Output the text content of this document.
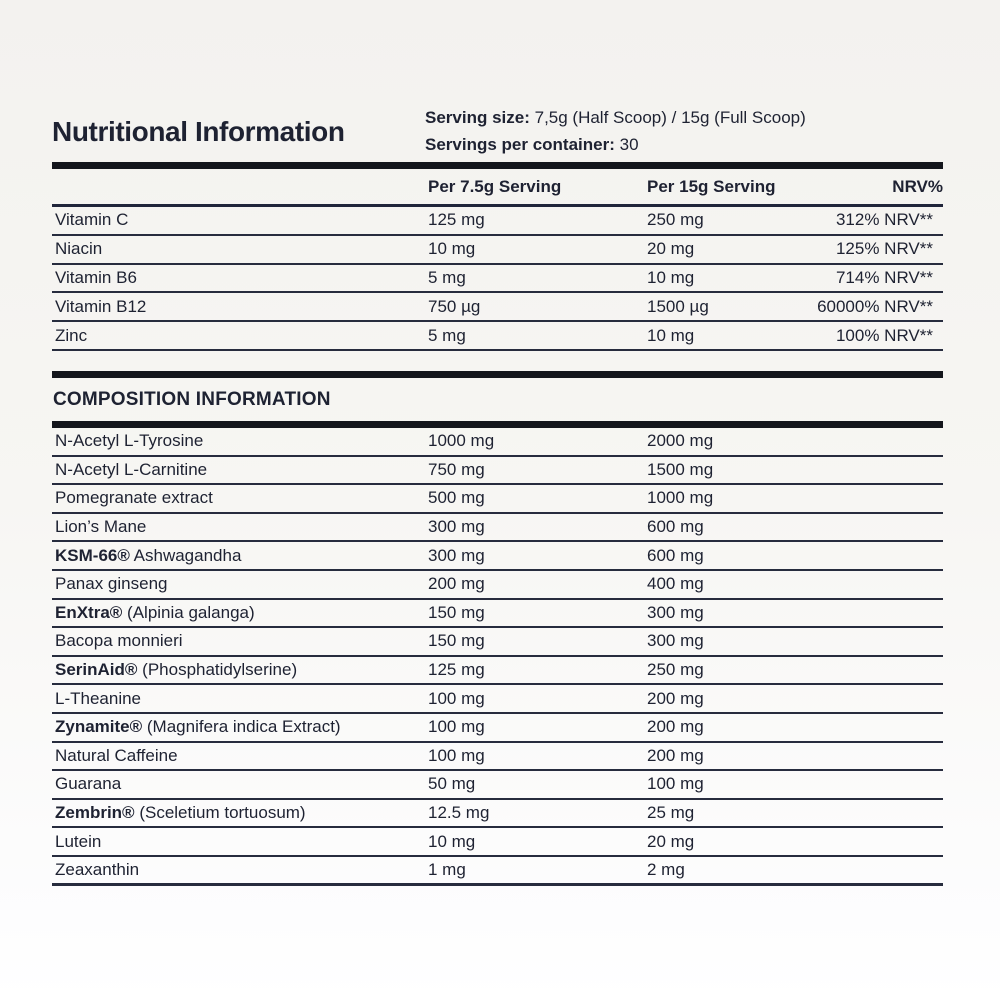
Nutritional Information	Serving size: 7,5g (Half Scoop) / 15g (Full Scoop)
Servings per container: 30
Per 7.5g Serving	Per 15g Serving	NRV%
Vitamin C	125 mg	250 mg	312% NRV**
Niacin	10 mg	20 mg	125% NRV**
Vitamin B6	5 mg	10 mg	714% NRV**
Vitamin B12	750 µg	1500 µg	60000% NRV**
Zinc	5 mg	10 mg	100% NRV**
COMPOSITION INFORMATION
N-Acetyl L-Tyrosine	1000 mg	2000 mg
N-Acetyl L-Carnitine	750 mg	1500 mg
Pomegranate extract	500 mg	1000 mg
Lion’s Mane	300 mg	600 mg
KSM-66® Ashwagandha	300 mg	600 mg
Panax ginseng	200 mg	400 mg
EnXtra® (Alpinia galanga)	150 mg	300 mg
Bacopa monnieri	150 mg	300 mg
SerinAid® (Phosphatidylserine)	125 mg	250 mg
L-Theanine	100 mg	200 mg
Zynamite® (Magnifera indica Extract)	100 mg	200 mg
Natural Caffeine	100 mg	200 mg
Guarana	50 mg	100 mg
Zembrin® (Sceletium tortuosum)	12.5 mg	25 mg
Lutein	10 mg	20 mg
Zeaxanthin	1 mg	2 mg
